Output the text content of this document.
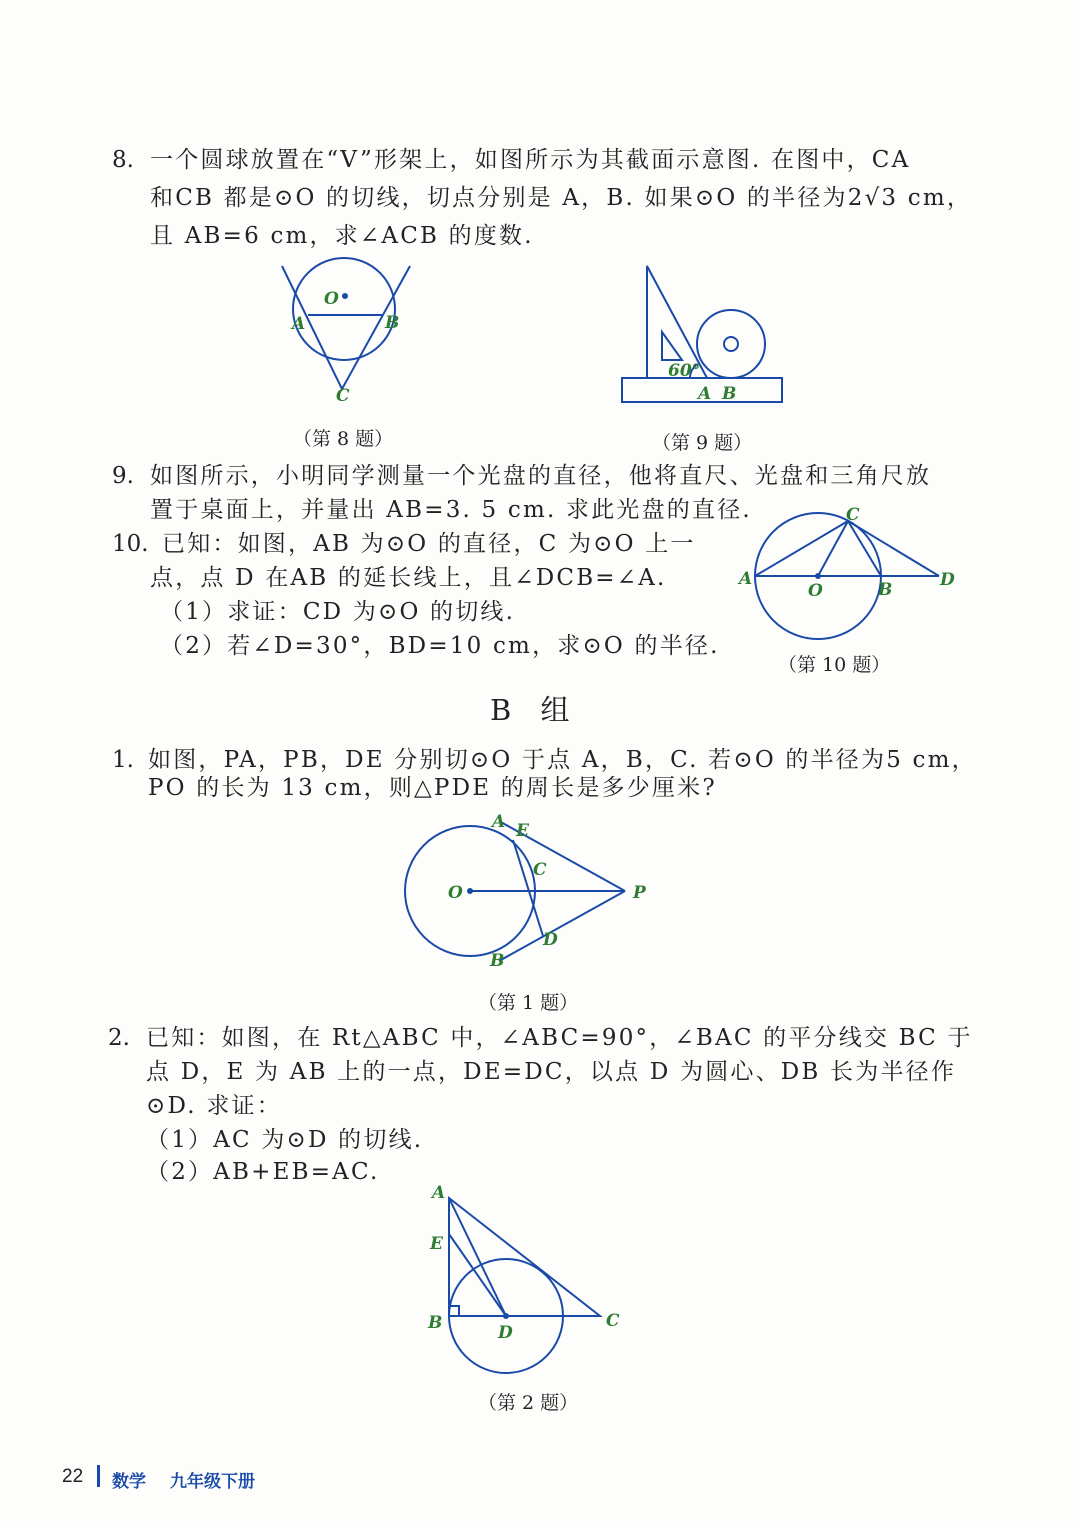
8. 一个圆球放置在“V”形架上，如图所示为其截面示意图. 在图中，CA
和CB 都是⊙O 的切线，切点分别是 A，B. 如果⊙O 的半径为2√3 cm，
且 AB=6 cm，求∠ACB 的度数.
O
A	B
C
（第 8 题）
60°
A B
（第 9 题）
9. 如图所示，小明同学测量一个光盘的直径，他将直尺、光盘和三角尺放
置于桌面上，并量出 AB=3. 5 cm. 求此光盘的直径.
10. 已知：如图，AB 为⊙O 的直径，C 为⊙O 上一
点，点 D 在AB 的延长线上，且∠DCB=∠A.
（1）求证：CD 为⊙O 的切线.
（2）若∠D=30°，BD=10 cm，求⊙O 的半径.
A
C
O	B	D
（第 10 题）
B 组
1. 如图，PA，PB，DE 分别切⊙O 于点 A，B，C. 若⊙O 的半径为5 cm，
PO 的长为 13 cm，则△PDE 的周长是多少厘米?
A E
C
O	P
D
B
（第 1 题）
2. 已知：如图，在 Rt△ABC 中，∠ABC=90°，∠BAC 的平分线交 BC 于
点 D，E 为 AB 上的一点，DE=DC，以点 D 为圆心、DB 长为半径作
⊙D. 求证：
（1）AC 为⊙D 的切线.
（2）AB+EB=AC.
A
E
B	D
C
（第 2 题）
22 数学 九年级下册
